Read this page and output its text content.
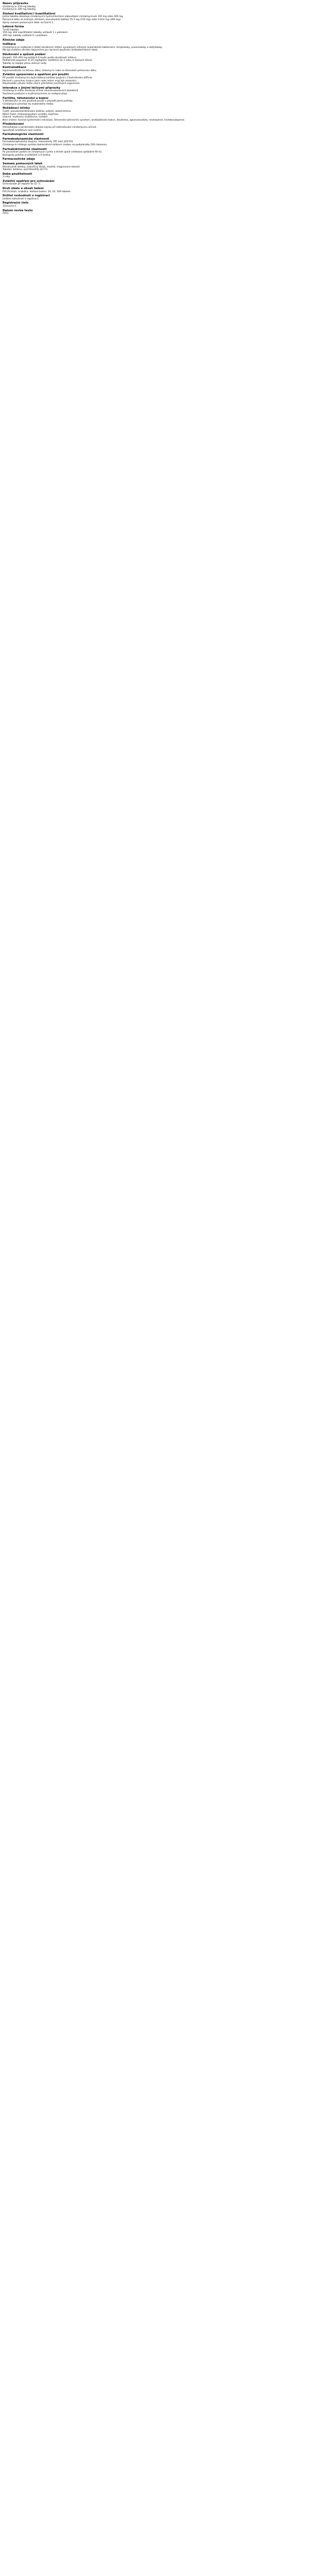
Název přípravku
Clindamycin 150 mg tobolky
Clindamycin 300 mg tobolky
Složení kvalitativní i kvantitativní
Jedna tobolka obsahuje clindamycini hydrochloridum odpovídající clindamycinum 150 mg nebo 300 mg.
Pomocná látka se známým účinkem: monohydrát laktózy 55,3 mg (150 mg) nebo 110,6 mg (300 mg).
Úplný seznam pomocných látek viz bod 6.1.
Léková forma
Tvrdá tobolka.
150 mg: bílé neprůhledné tobolky velikosti 1 s potiskem.
300 mg: tobolky velikosti 0 s potiskem.
Klinické údaje
Indikace
Clindamycin je indikován k léčbě závažných infekcí vyvolaných citlivými anaerobními bakteriemi, streptokoky, pneumokoky a stafylokoky.
Má být zváženo oficiální doporučení pro správné používání antibakteriálních látek.
Dávkování a způsob podání
Dospělí: 150–450 mg každých 6 hodin podle závažnosti infekce.
Pediatrická populace: 8–25 mg/kg/den rozděleno do 3 nebo 4 stejných dávek.
Tobolky se zapíjejí plnou sklenicí vody.
Kontraindikace
Hypersenzitivita na léčivou látku, linkomycin nebo na kteroukoli pomocnou látku.
Zvláštní upozornění a opatření pro použití
Při použití clindamycinu byla hlášena kolitida spojená s Clostridioides difficile.
Pacienti s poruchou funkce jater nebo ledvin mají být sledováni.
Dlouhodobé užívání může vést k přerůstání necitlivých organismů.
Interakce s jinými léčivými přípravky
Clindamycin může zesilovat účinek neuromuskulárních blokátorů.
Současné podávání s erythromycinem se nedoporučuje.
Fertilita, těhotenství a kojení
V těhotenství se má používat pouze v případě jasné potřeby.
Clindamycin přechází do mateřského mléka.
Nežádoucí účinky
Časté: pseudomembranózní kolitida, průjem, bolest břicha.
Méně časté: makulopapulózní vyrážka, kopřivka.
Vzácné: erythema multiforme, svědění.
Není známo: toxická epidermální nekrolýza, Stevensův-Johnsonův syndrom, anafylaktická reakce, žloutenka, agranulocytóza, neutropenie, trombocytopenie.
Předávkování
Hemodialýza a peritoneální dialýza nejsou při odstraňování clindamycinu účinné.
Specifické antidotum není známo.
Farmakologické vlastnosti
Farmakodynamické vlastnosti
Farmakoterapeutická skupina: linkosamidy. ATC kód: J01FF01.
Clindamycin inhibuje syntézu bakteriálních bílkovin vazbou na podjednotku 50S ribozomu.
Farmakokinetické vlastnosti
Po perorálním podání se clindamycin rychle a téměř úplně vstřebává (přibližně 90 %).
Biologický poločas je přibližně 2,4 hodiny.
Farmaceutické údaje
Seznam pomocných látek
Monohydrát laktózy, kukuřičný škrob, mastek, magnesium-stearát.
Tobolka: želatina, oxid titaničitý (E171).
Doba použitelnosti
3 roky.
Zvláštní opatření pro uchovávání
Uchovávejte při teplotě do 25 °C.
Druh obalu a obsah balení
PVC/Al blistr, krabička. Velikost balení: 16, 24, 100 tobolek.
Držitel rozhodnutí o registraci
[držitel rozhodnutí o registraci]
Registrační číslo
15/xxx/xx-C
Datum revize textu
2023
